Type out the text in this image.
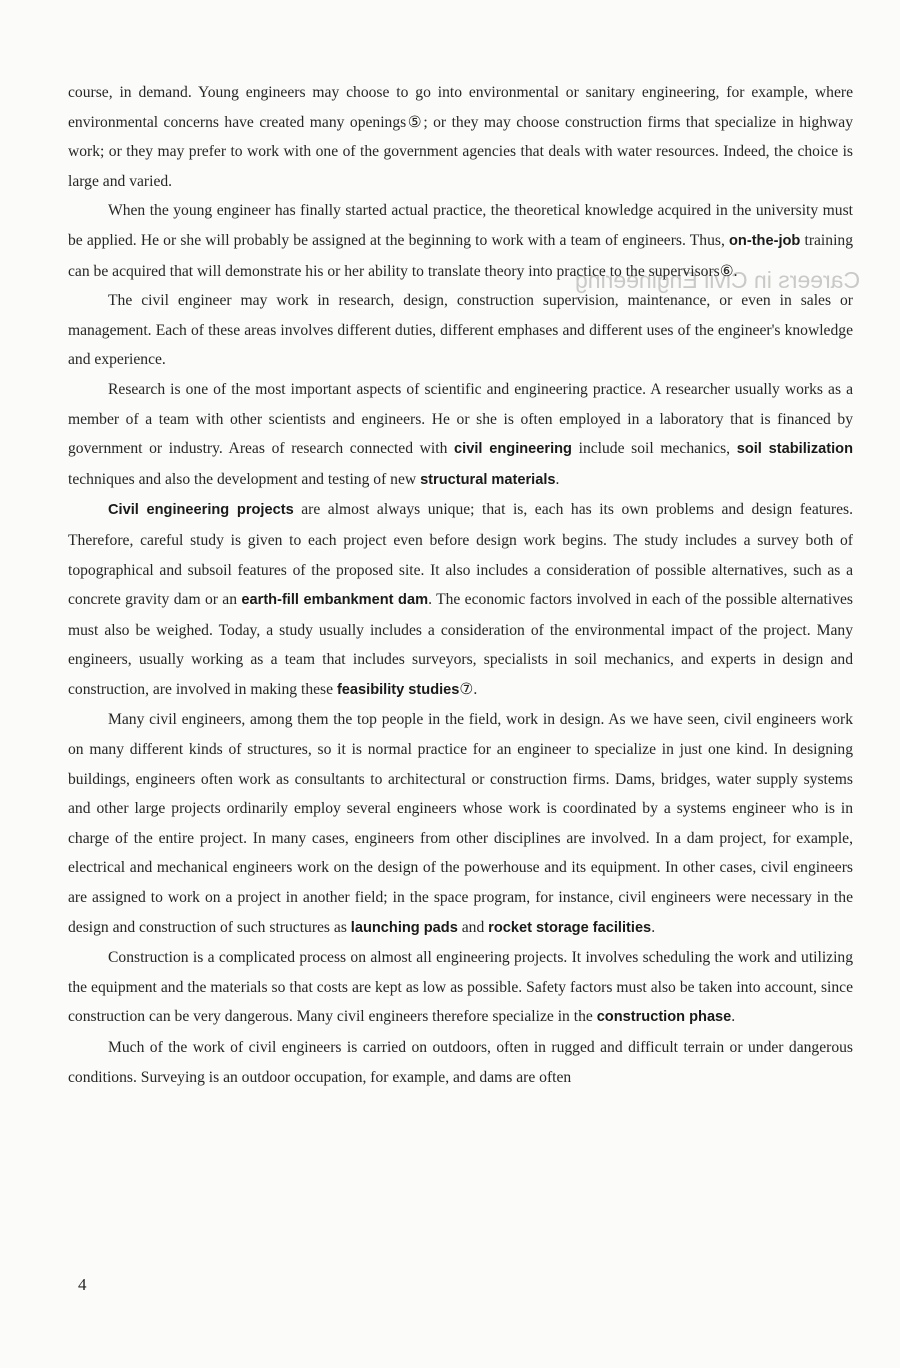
Careers in Civil Engineering

course, in demand. Young engineers may choose to go into environmental or sanitary engineering, for example, where environmental concerns have created many openings⑤; or they may choose construction firms that specialize in highway work; or they may prefer to work with one of the government agencies that deals with water resources. Indeed, the choice is large and varied.

When the young engineer has finally started actual practice, the theoretical knowledge acquired in the university must be applied. He or she will probably be assigned at the beginning to work with a team of engineers. Thus, on-the-job training can be acquired that will demonstrate his or her ability to translate theory into practice to the supervisors⑥.

The civil engineer may work in research, design, construction supervision, maintenance, or even in sales or management. Each of these areas involves different duties, different emphases and different uses of the engineer's knowledge and experience.

Research is one of the most important aspects of scientific and engineering practice. A researcher usually works as a member of a team with other scientists and engineers. He or she is often employed in a laboratory that is financed by government or industry. Areas of research connected with civil engineering include soil mechanics, soil stabilization techniques and also the development and testing of new structural materials.

Civil engineering projects are almost always unique; that is, each has its own problems and design features. Therefore, careful study is given to each project even before design work begins. The study includes a survey both of topographical and subsoil features of the proposed site. It also includes a consideration of possible alternatives, such as a concrete gravity dam or an earth-fill embankment dam. The economic factors involved in each of the possible alternatives must also be weighed. Today, a study usually includes a consideration of the environmental impact of the project. Many engineers, usually working as a team that includes surveyors, specialists in soil mechanics, and experts in design and construction, are involved in making these feasibility studies⑦.

Many civil engineers, among them the top people in the field, work in design. As we have seen, civil engineers work on many different kinds of structures, so it is normal practice for an engineer to specialize in just one kind. In designing buildings, engineers often work as consultants to architectural or construction firms. Dams, bridges, water supply systems and other large projects ordinarily employ several engineers whose work is coordinated by a systems engineer who is in charge of the entire project. In many cases, engineers from other disciplines are involved. In a dam project, for example, electrical and mechanical engineers work on the design of the powerhouse and its equipment. In other cases, civil engineers are assigned to work on a project in another field; in the space program, for instance, civil engineers were necessary in the design and construction of such structures as launching pads and rocket storage facilities.

Construction is a complicated process on almost all engineering projects. It involves scheduling the work and utilizing the equipment and the materials so that costs are kept as low as possible. Safety factors must also be taken into account, since construction can be very dangerous. Many civil engineers therefore specialize in the construction phase.

Much of the work of civil engineers is carried on outdoors, often in rugged and difficult terrain or under dangerous conditions. Surveying is an outdoor occupation, for example, and dams are often

4
